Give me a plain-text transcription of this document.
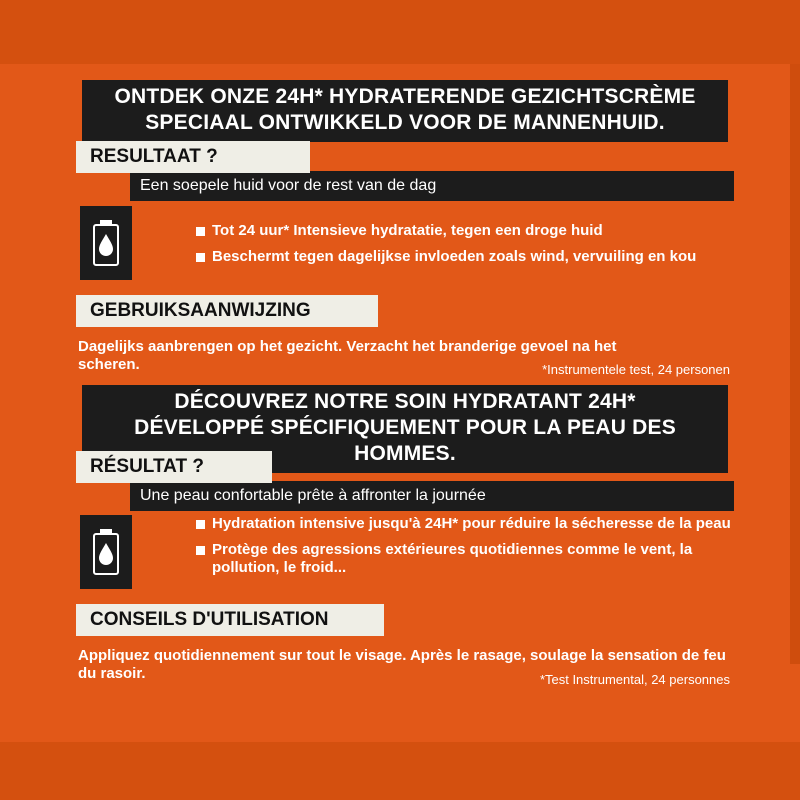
ONTDEK ONZE 24H* HYDRATERENDE GEZICHTSCRÈME
SPECIAAL ONTWIKKELD VOOR DE MANNENHUID.
Een soepele huid voor de rest van de dag
RESULTAAT ?
Tot 24 uur* Intensieve hydratatie, tegen een droge huid
Beschermt tegen dagelijkse invloeden zoals wind, vervuiling en kou
GEBRUIKSAANWIJZING
Dagelijks aanbrengen op het gezicht. Verzacht het branderige gevoel na het scheren.	*Instrumentele test, 24 personen
DÉCOUVREZ NOTRE SOIN HYDRATANT 24H*
DÉVELOPPÉ SPÉCIFIQUEMENT POUR LA PEAU DES HOMMES.
Une peau confortable prête à affronter la journée
RÉSULTAT ?
Hydratation intensive jusqu'à 24H* pour réduire la sécheresse de la peau
Protège des agressions extérieures quotidiennes comme le vent, la pollution, le froid...
CONSEILS D'UTILISATION
Appliquez quotidiennement sur tout le visage. Après le rasage, soulage la sensation de feu du rasoir.	*Test Instrumental, 24 personnes
